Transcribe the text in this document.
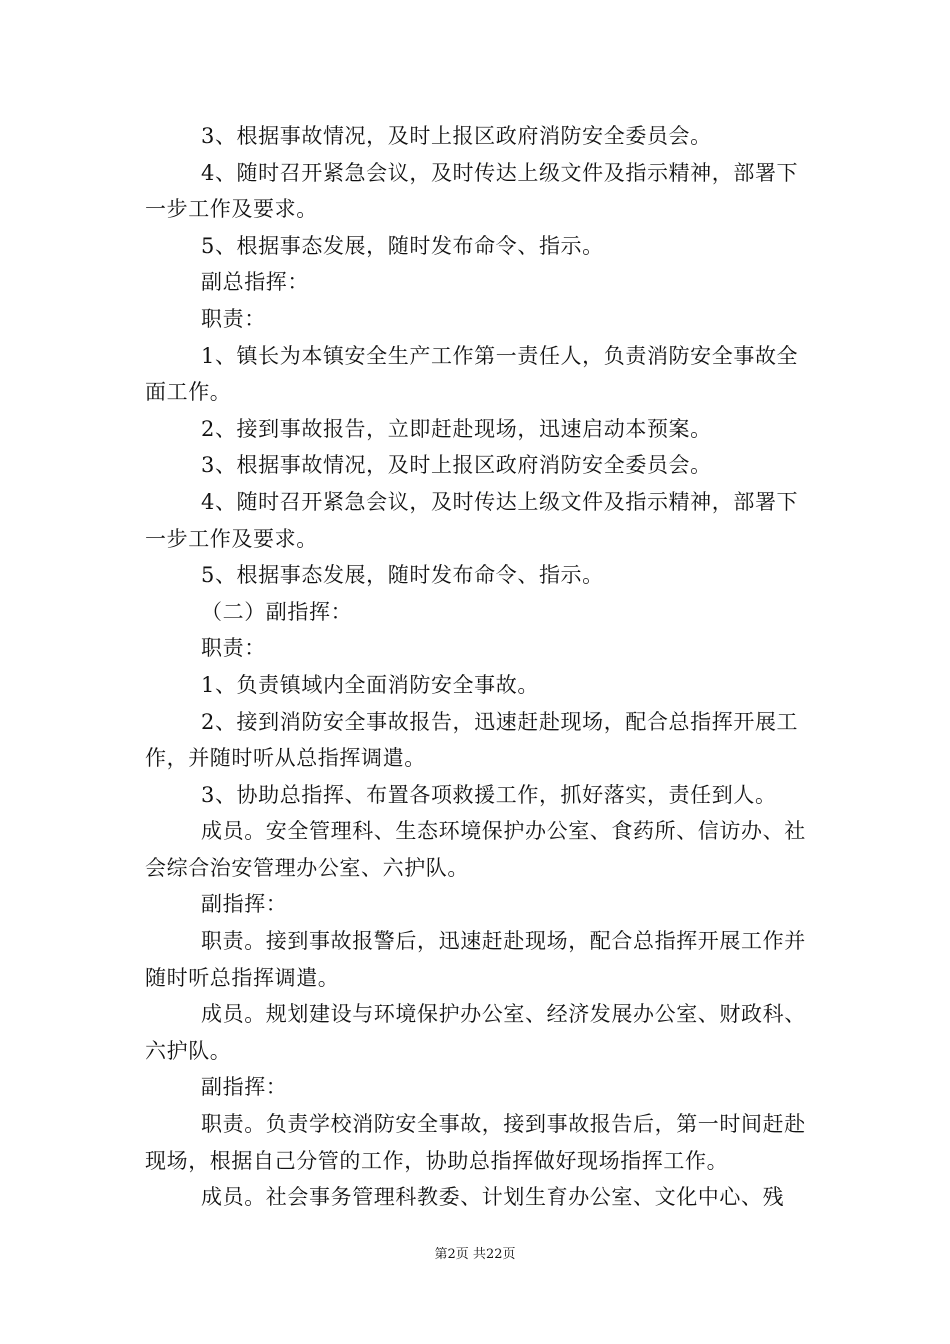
3、根据事故情况，及时上报区政府消防安全委员会。

4、随时召开紧急会议，及时传达上级文件及指示精神，部署下一步工作及要求。

5、根据事态发展，随时发布命令、指示。

副总指挥：

职责：

1、镇长为本镇安全生产工作第一责任人，负责消防安全事故全面工作。

2、接到事故报告，立即赶赴现场，迅速启动本预案。

3、根据事故情况，及时上报区政府消防安全委员会。

4、随时召开紧急会议，及时传达上级文件及指示精神，部署下一步工作及要求。

5、根据事态发展，随时发布命令、指示。

（二）副指挥：

职责：

1、负责镇域内全面消防安全事故。

2、接到消防安全事故报告，迅速赶赴现场，配合总指挥开展工作，并随时听从总指挥调遣。

3、协助总指挥、布置各项救援工作，抓好落实，责任到人。

成员。安全管理科、生态环境保护办公室、食药所、信访办、社会综合治安管理办公室、六护队。

副指挥：

职责。接到事故报警后，迅速赶赴现场，配合总指挥开展工作并随时听总指挥调遣。

成员。规划建设与环境保护办公室、经济发展办公室、财政科、六护队。

副指挥：

职责。负责学校消防安全事故，接到事故报告后，第一时间赶赴现场，根据自己分管的工作，协助总指挥做好现场指挥工作。

成员。社会事务管理科教委、计划生育办公室、文化中心、残

第2页 共22页
